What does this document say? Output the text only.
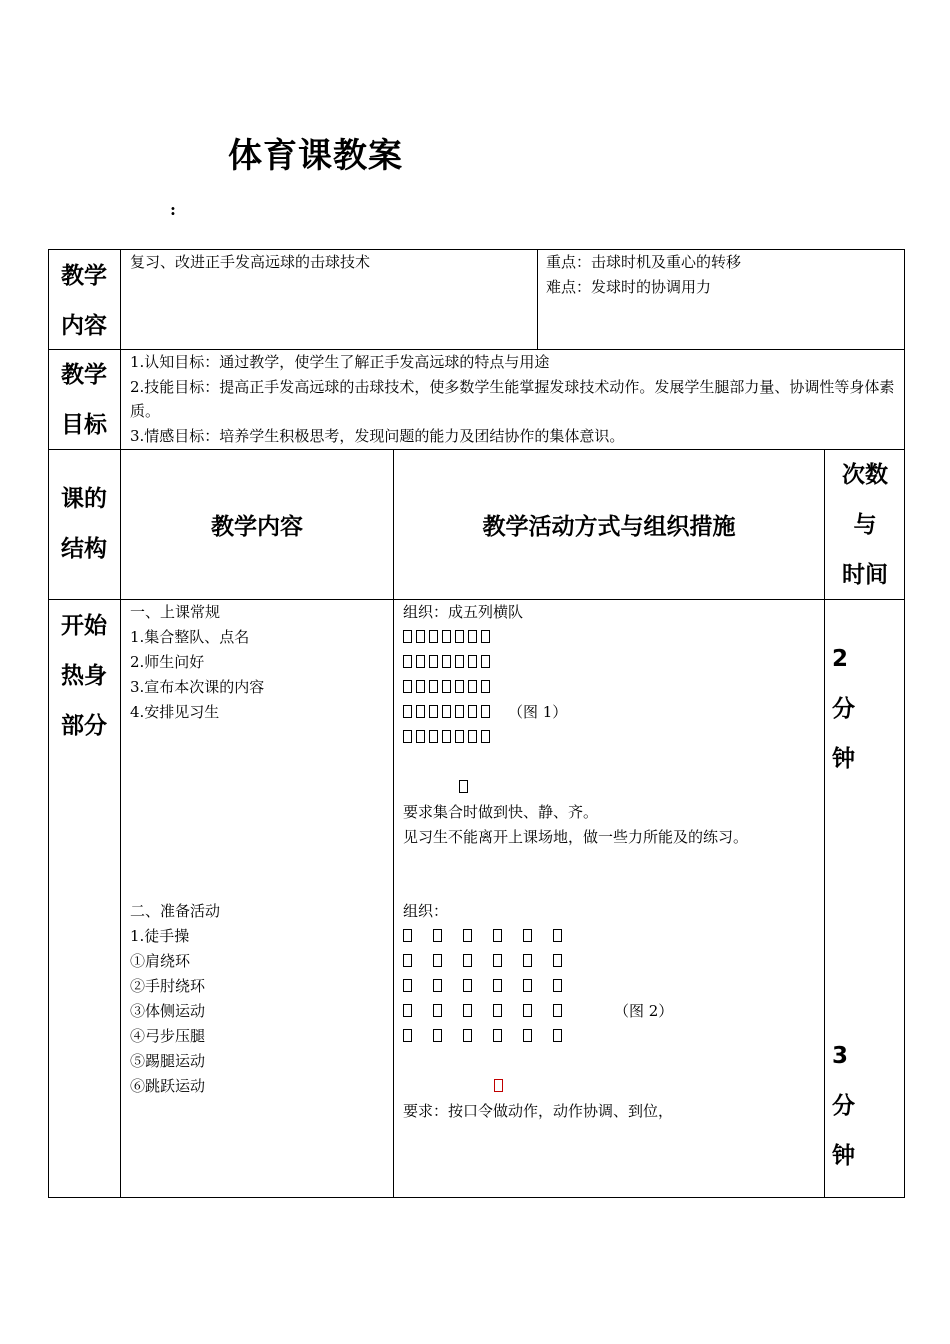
体育课教案
:
教学
内容
复习、改进正手发高远球的击球技术	重点：击球时机及重心的转移
难点：发球时的协调用力
教学
目标
1.认知目标：通过教学，使学生了解正手发高远球的特点与用途
2.技能目标：提高正手发高远球的击球技术，使多数学生能掌握发球技术动作。发展学生腿部力量、协调性等身体素质。
3.情感目标：培养学生积极思考，发现问题的能力及团结协作的集体意识。
课的
结构
教学内容	教学活动方式与组织措施
次数
与
时间
开始
热身
部分
一、上课常规
1.集合整队、点名
2.师生问好
3.宣布本次课的内容
4.安排见习生
组织：成五列横队
（图 1）
要求集合时做到快、静、齐。
见习生不能离开上课场地，做一些力所能及的练习。
2
分
钟
二、准备活动
1.徒手操
①肩绕环
②手肘绕环
③体侧运动
④弓步压腿
⑤踢腿运动
⑥跳跃运动
组织：
（图 2）
要求：按口令做动作，动作协调、到位，
3
分
钟
